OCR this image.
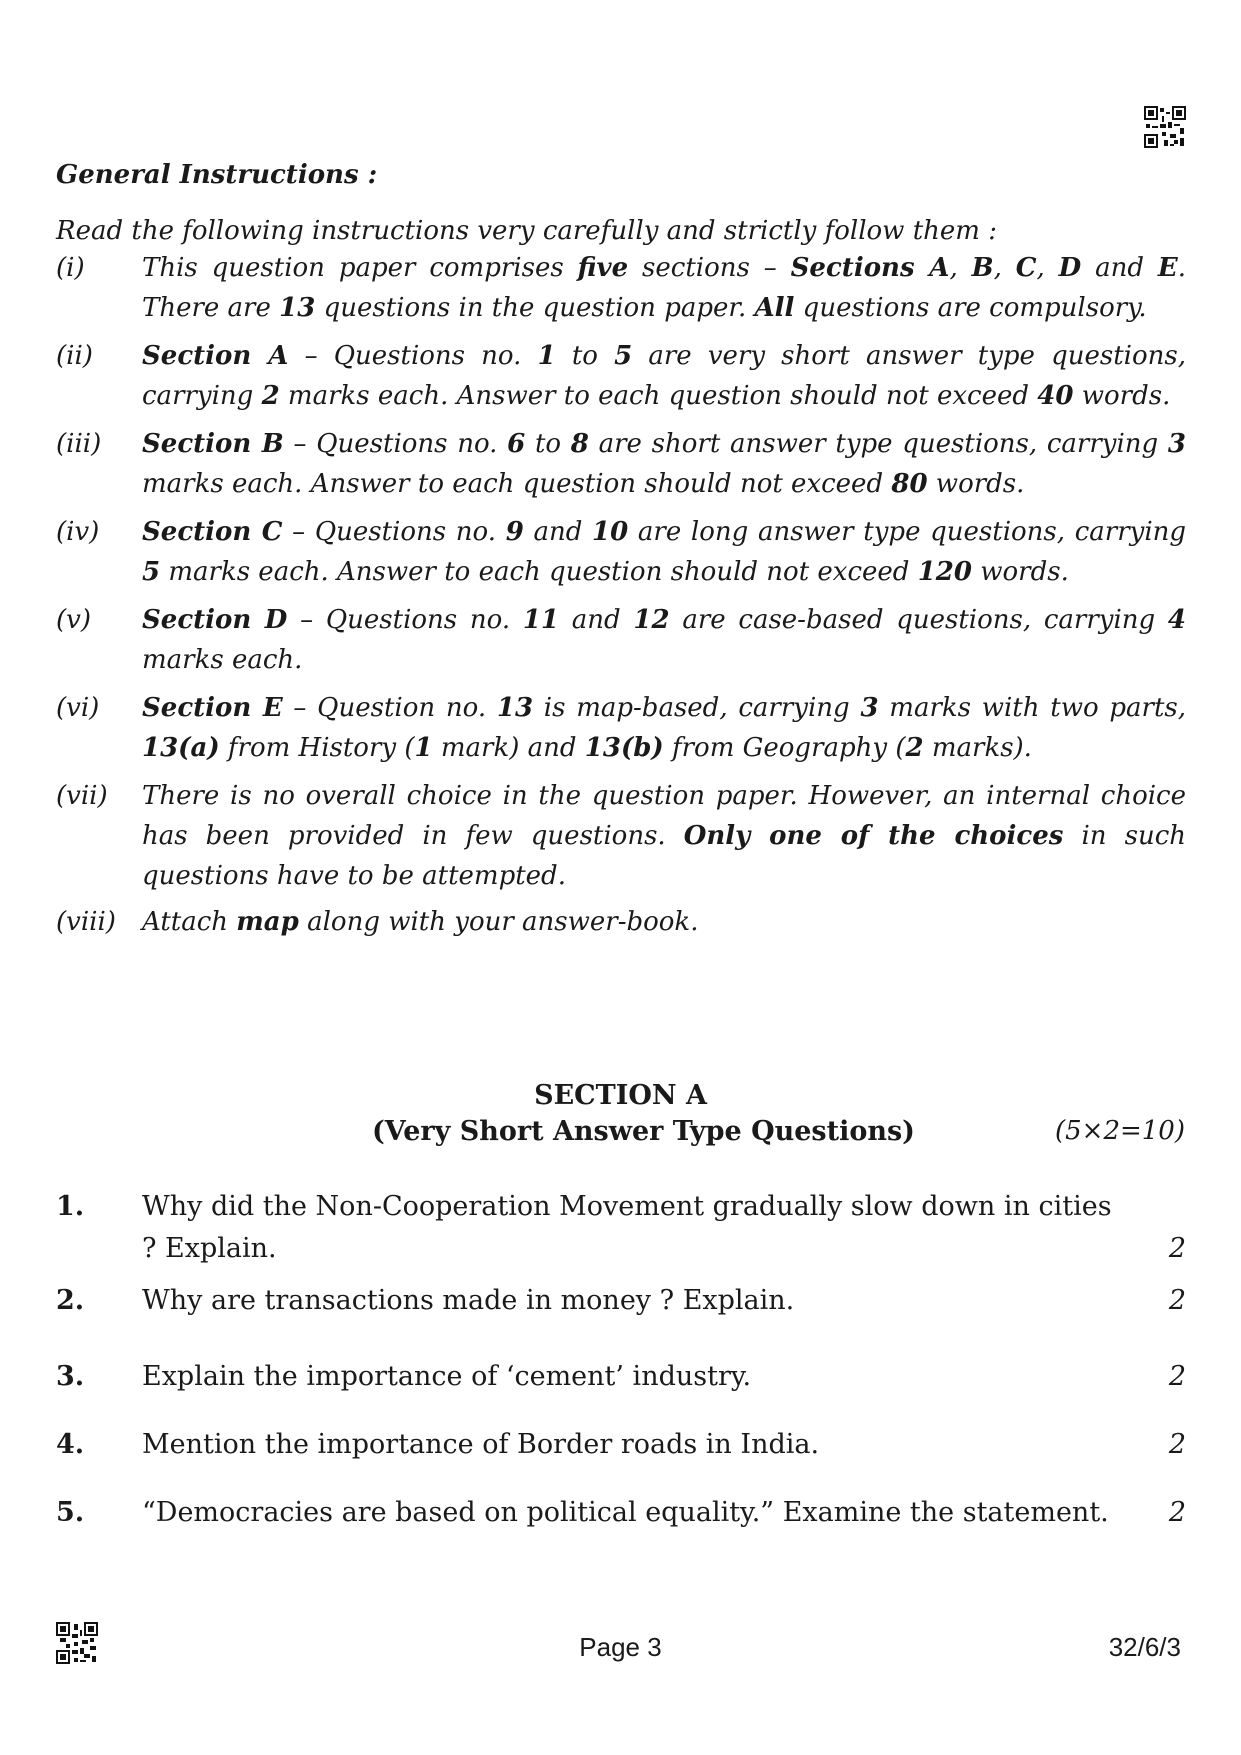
General Instructions :
Read the following instructions very carefully and strictly follow them :
(i) This question paper comprises five sections – Sections A, B, C, D and E. There are 13 questions in the question paper. All questions are compulsory.
(ii) Section A – Questions no. 1 to 5 are very short answer type questions, carrying 2 marks each. Answer to each question should not exceed 40 words.
(iii) Section B – Questions no. 6 to 8 are short answer type questions, carrying 3 marks each. Answer to each question should not exceed 80 words.
(iv) Section C – Questions no. 9 and 10 are long answer type questions, carrying 5 marks each. Answer to each question should not exceed 120 words.
(v) Section D – Questions no. 11 and 12 are case-based questions, carrying 4 marks each.
(vi) Section E – Question no. 13 is map-based, carrying 3 marks with two parts, 13(a) from History (1 mark) and 13(b) from Geography (2 marks).
(vii) There is no overall choice in the question paper. However, an internal choice has been provided in few questions. Only one of the choices in such questions have to be attempted.
(viii) Attach map along with your answer-book.
SECTION A
(Very Short Answer Type Questions)	(5×2=10)
1. Why did the Non-Cooperation Movement gradually slow down in cities ? Explain.	2
2. Why are transactions made in money ? Explain.	2
3. Explain the importance of ‘cement’ industry.	2
4. Mention the importance of Border roads in India.	2
5. “Democracies are based on political equality.” Examine the statement.	2
Page 3	32/6/3
